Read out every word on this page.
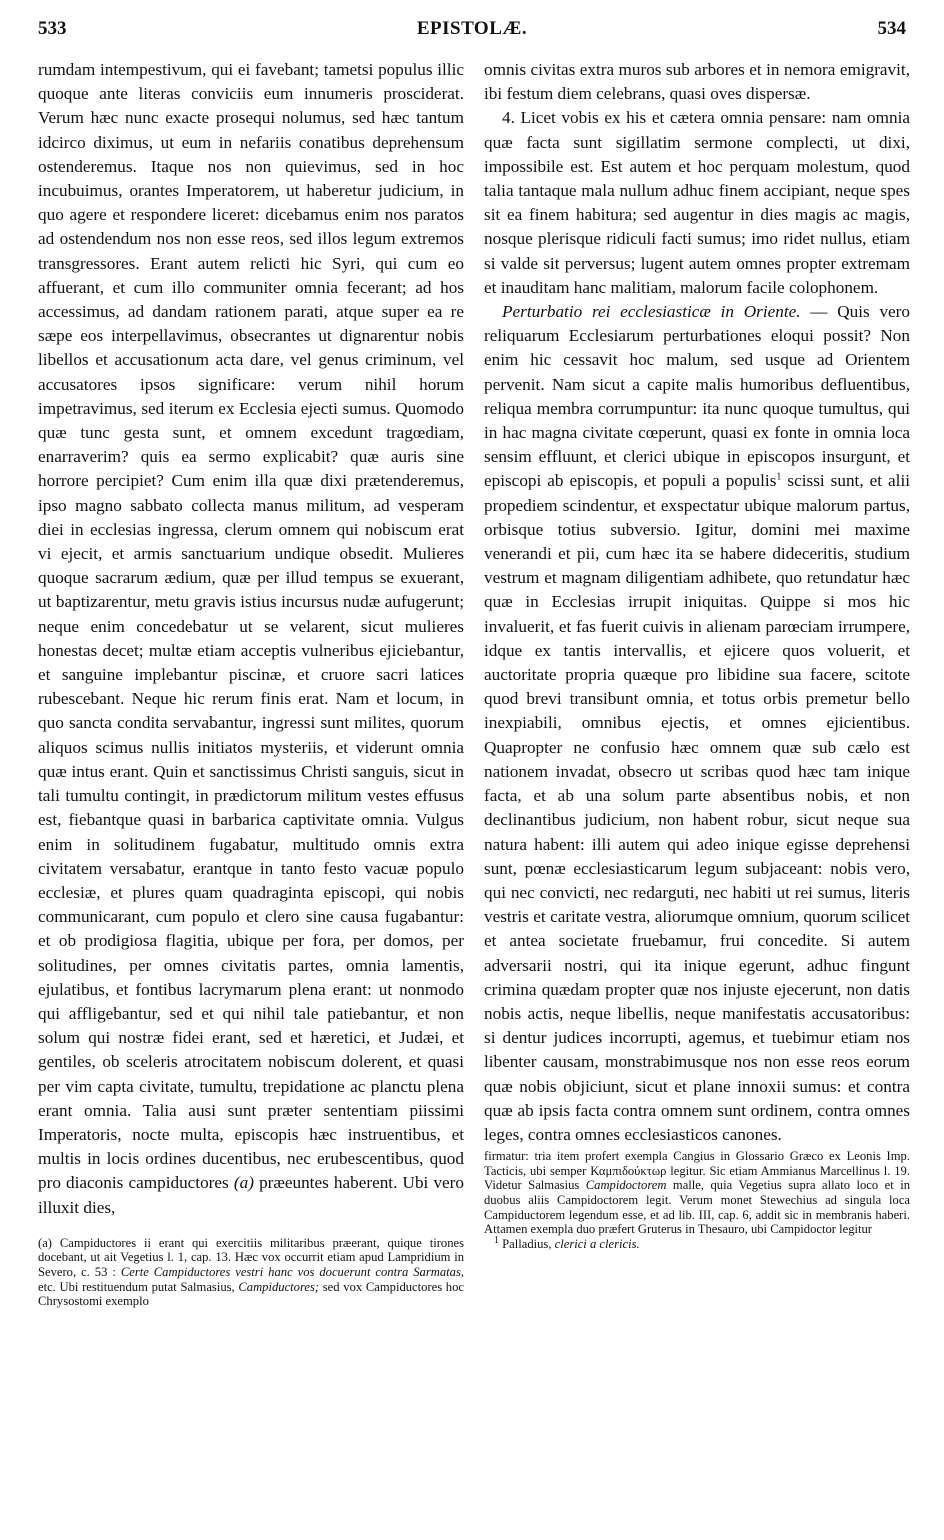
533	EPISTOLÆ.	534

rumdam intempestivum, qui ei favebant; tametsi populus illic quoque ante literas conviciis eum innumeris prosciderat. Verum hæc nunc exacte prosequi nolumus, sed hæc tantum idcirco diximus, ut eum in nefariis conatibus deprehensum ostenderemus. Itaque nos non quievimus, sed in hoc incubuimus, orantes Imperatorem, ut haberetur judicium, in quo agere et respondere liceret: dicebamus enim nos paratos ad ostendendum nos non esse reos, sed illos legum extremos transgressores. Erant autem relicti hic Syri, qui cum eo affuerant, et cum illo communiter omnia fecerant; ad hos accessimus, ad dandam rationem parati, atque super ea re sæpe eos interpellavimus, obsecrantes ut dignarentur nobis libellos et accusationum acta dare, vel genus criminum, vel accusatores ipsos significare: verum nihil horum impetravimus, sed iterum ex Ecclesia ejecti sumus. Quomodo quæ tunc gesta sunt, et omnem excedunt tragœdiam, enarraverim? quis ea sermo explicabit? quæ auris sine horrore percipiet? Cum enim illa quæ dixi prætenderemus, ipso magno sabbato collecta manus militum, ad vesperam diei in ecclesias ingressa, clerum omnem qui nobiscum erat vi ejecit, et armis sanctuarium undique obsedit. Mulieres quoque sacrarum ædium, quæ per illud tempus se exuerant, ut baptizarentur, metu gravis istius incursus nudæ aufugerunt; neque enim concedebatur ut se velarent, sicut mulieres honestas decet; multæ etiam acceptis vulneribus ejiciebantur, et sanguine implebantur piscinæ, et cruore sacri latices rubescebant. Neque hic rerum finis erat. Nam et locum, in quo sancta condita servabantur, ingressi sunt milites, quorum aliquos scimus nullis initiatos mysteriis, et viderunt omnia quæ intus erant. Quin et sanctissimus Christi sanguis, sicut in tali tumultu contingit, in prædictorum militum vestes effusus est, fiebantque quasi in barbarica captivitate omnia. Vulgus enim in solitudinem fugabatur, multitudo omnis extra civitatem versabatur, erantque in tanto festo vacuæ populo ecclesiæ, et plures quam quadraginta episcopi, qui nobis communicarant, cum populo et clero sine causa fugabantur: et ob prodigiosa flagitia, ubique per fora, per domos, per solitudines, per omnes civitatis partes, omnia lamentis, ejulatibus, et fontibus lacrymarum plena erant: ut nonmodo qui affligebantur, sed et qui nihil tale patiebantur, et non solum qui nostræ fidei erant, sed et hæretici, et Judæi, et gentiles, ob sceleris atrocitatem nobiscum dolerent, et quasi per vim capta civitate, tumultu, trepidatione ac planctu plena erant omnia. Talia ausi sunt præter sententiam piissimi Imperatoris, nocte multa, episcopis hæc instruentibus, et multis in locis ordines ducentibus, nec erubescentibus, quod pro diaconis campiductores (a) præeuntes haberent. Ubi vero illuxit dies,

(a) Campiductores ii erant qui exercitiis militaribus præerant, quique tirones docebant, ut ait Vegetius l. 1, cap. 13. Hæc vox occurrit etiam apud Lampridium in Severo, c. 53 : Certe Campiductores vestri hanc vos docuerunt contra Sarmatas, etc. Ubi restituendum putat Salmasius, Campiductores; sed vox Campiductores hoc Chrysostomi exemplo

omnis civitas extra muros sub arbores et in nemora emigravit, ibi festum diem celebrans, quasi oves dispersæ.

4. Licet vobis ex his et cætera omnia pensare: nam omnia quæ facta sunt sigillatim sermone complecti, ut dixi, impossibile est. Est autem et hoc perquam molestum, quod talia tantaque mala nullum adhuc finem accipiant, neque spes sit ea finem habitura; sed augentur in dies magis ac magis, nosque plerisque ridiculi facti sumus; imo ridet nullus, etiam si valde sit perversus; lugent autem omnes propter extremam et inauditam hanc malitiam, malorum facile colophonem.

Perturbatio rei ecclesiasticæ in Oriente. — Quis vero reliquarum Ecclesiarum perturbationes eloqui possit? Non enim hic cessavit hoc malum, sed usque ad Orientem pervenit. Nam sicut a capite malis humoribus defluentibus, reliqua membra corrumpuntur: ita nunc quoque tumultus, qui in hac magna civitate cœperunt, quasi ex fonte in omnia loca sensim effluunt, et clerici ubique in episcopos insurgunt, et episcopi ab episcopis, et populi a populis$^1$ scissi sunt, et alii propediem scindentur, et exspectatur ubique malorum partus, orbisque totius subversio. Igitur, domini mei maxime venerandi et pii, cum hæc ita se habere dideceritis, studium vestrum et magnam diligentiam adhibete, quo retundatur hæc quæ in Ecclesias irrupit iniquitas. Quippe si mos hic invaluerit, et fas fuerit cuivis in alienam parœciam irrumpere, idque ex tantis intervallis, et ejicere quos voluerit, et auctoritate propria quæque pro libidine sua facere, scitote quod brevi transibunt omnia, et totus orbis premetur bello inexpiabili, omnibus ejectis, et omnes ejicientibus. Quapropter ne confusio hæc omnem quæ sub cælo est nationem invadat, obsecro ut scribas quod hæc tam inique facta, et ab una solum parte absentibus nobis, et non declinantibus judicium, non habent robur, sicut neque sua natura habent: illi autem qui adeo inique egisse deprehensi sunt, pœnæ ecclesiasticarum legum subjaceant: nobis vero, qui nec convicti, nec redarguti, nec habiti ut rei sumus, literis vestris et caritate vestra, aliorumque omnium, quorum scilicet et antea societate fruebamur, frui concedite. Si autem adversarii nostri, qui ita inique egerunt, adhuc fingunt crimina quædam propter quæ nos injuste ejecerunt, non datis nobis actis, neque libellis, neque manifestatis accusatoribus: si dentur judices incorrupti, agemus, et tuebimur etiam nos libenter causam, monstrabimusque nos non esse reos eorum quæ nobis objiciunt, sicut et plane innoxii sumus: et contra quæ ab ipsis facta contra omnem sunt ordinem, contra omnes leges, contra omnes ecclesiasticos canones.

firmatur: tria item profert exempla Cangius in Glossario Græco ex Leonis Imp. Tacticis, ubi semper Καμπιδούκτωρ legitur. Sic etiam Ammianus Marcellinus l. 19. Videtur Salmasius Campidoctorem malle, quia Vegetius supra allato loco et in duobus aliis Campidoctorem legit. Verum monet Stewechius ad singula loca Campiductorem legendum esse, et ad lib. III, cap. 6, addit sic in membranis haberi. Attamen exempla duo præfert Gruterus in Thesauro, ubi Campidoctor legitur

$^1$ Palladius, clerici a clericis.
